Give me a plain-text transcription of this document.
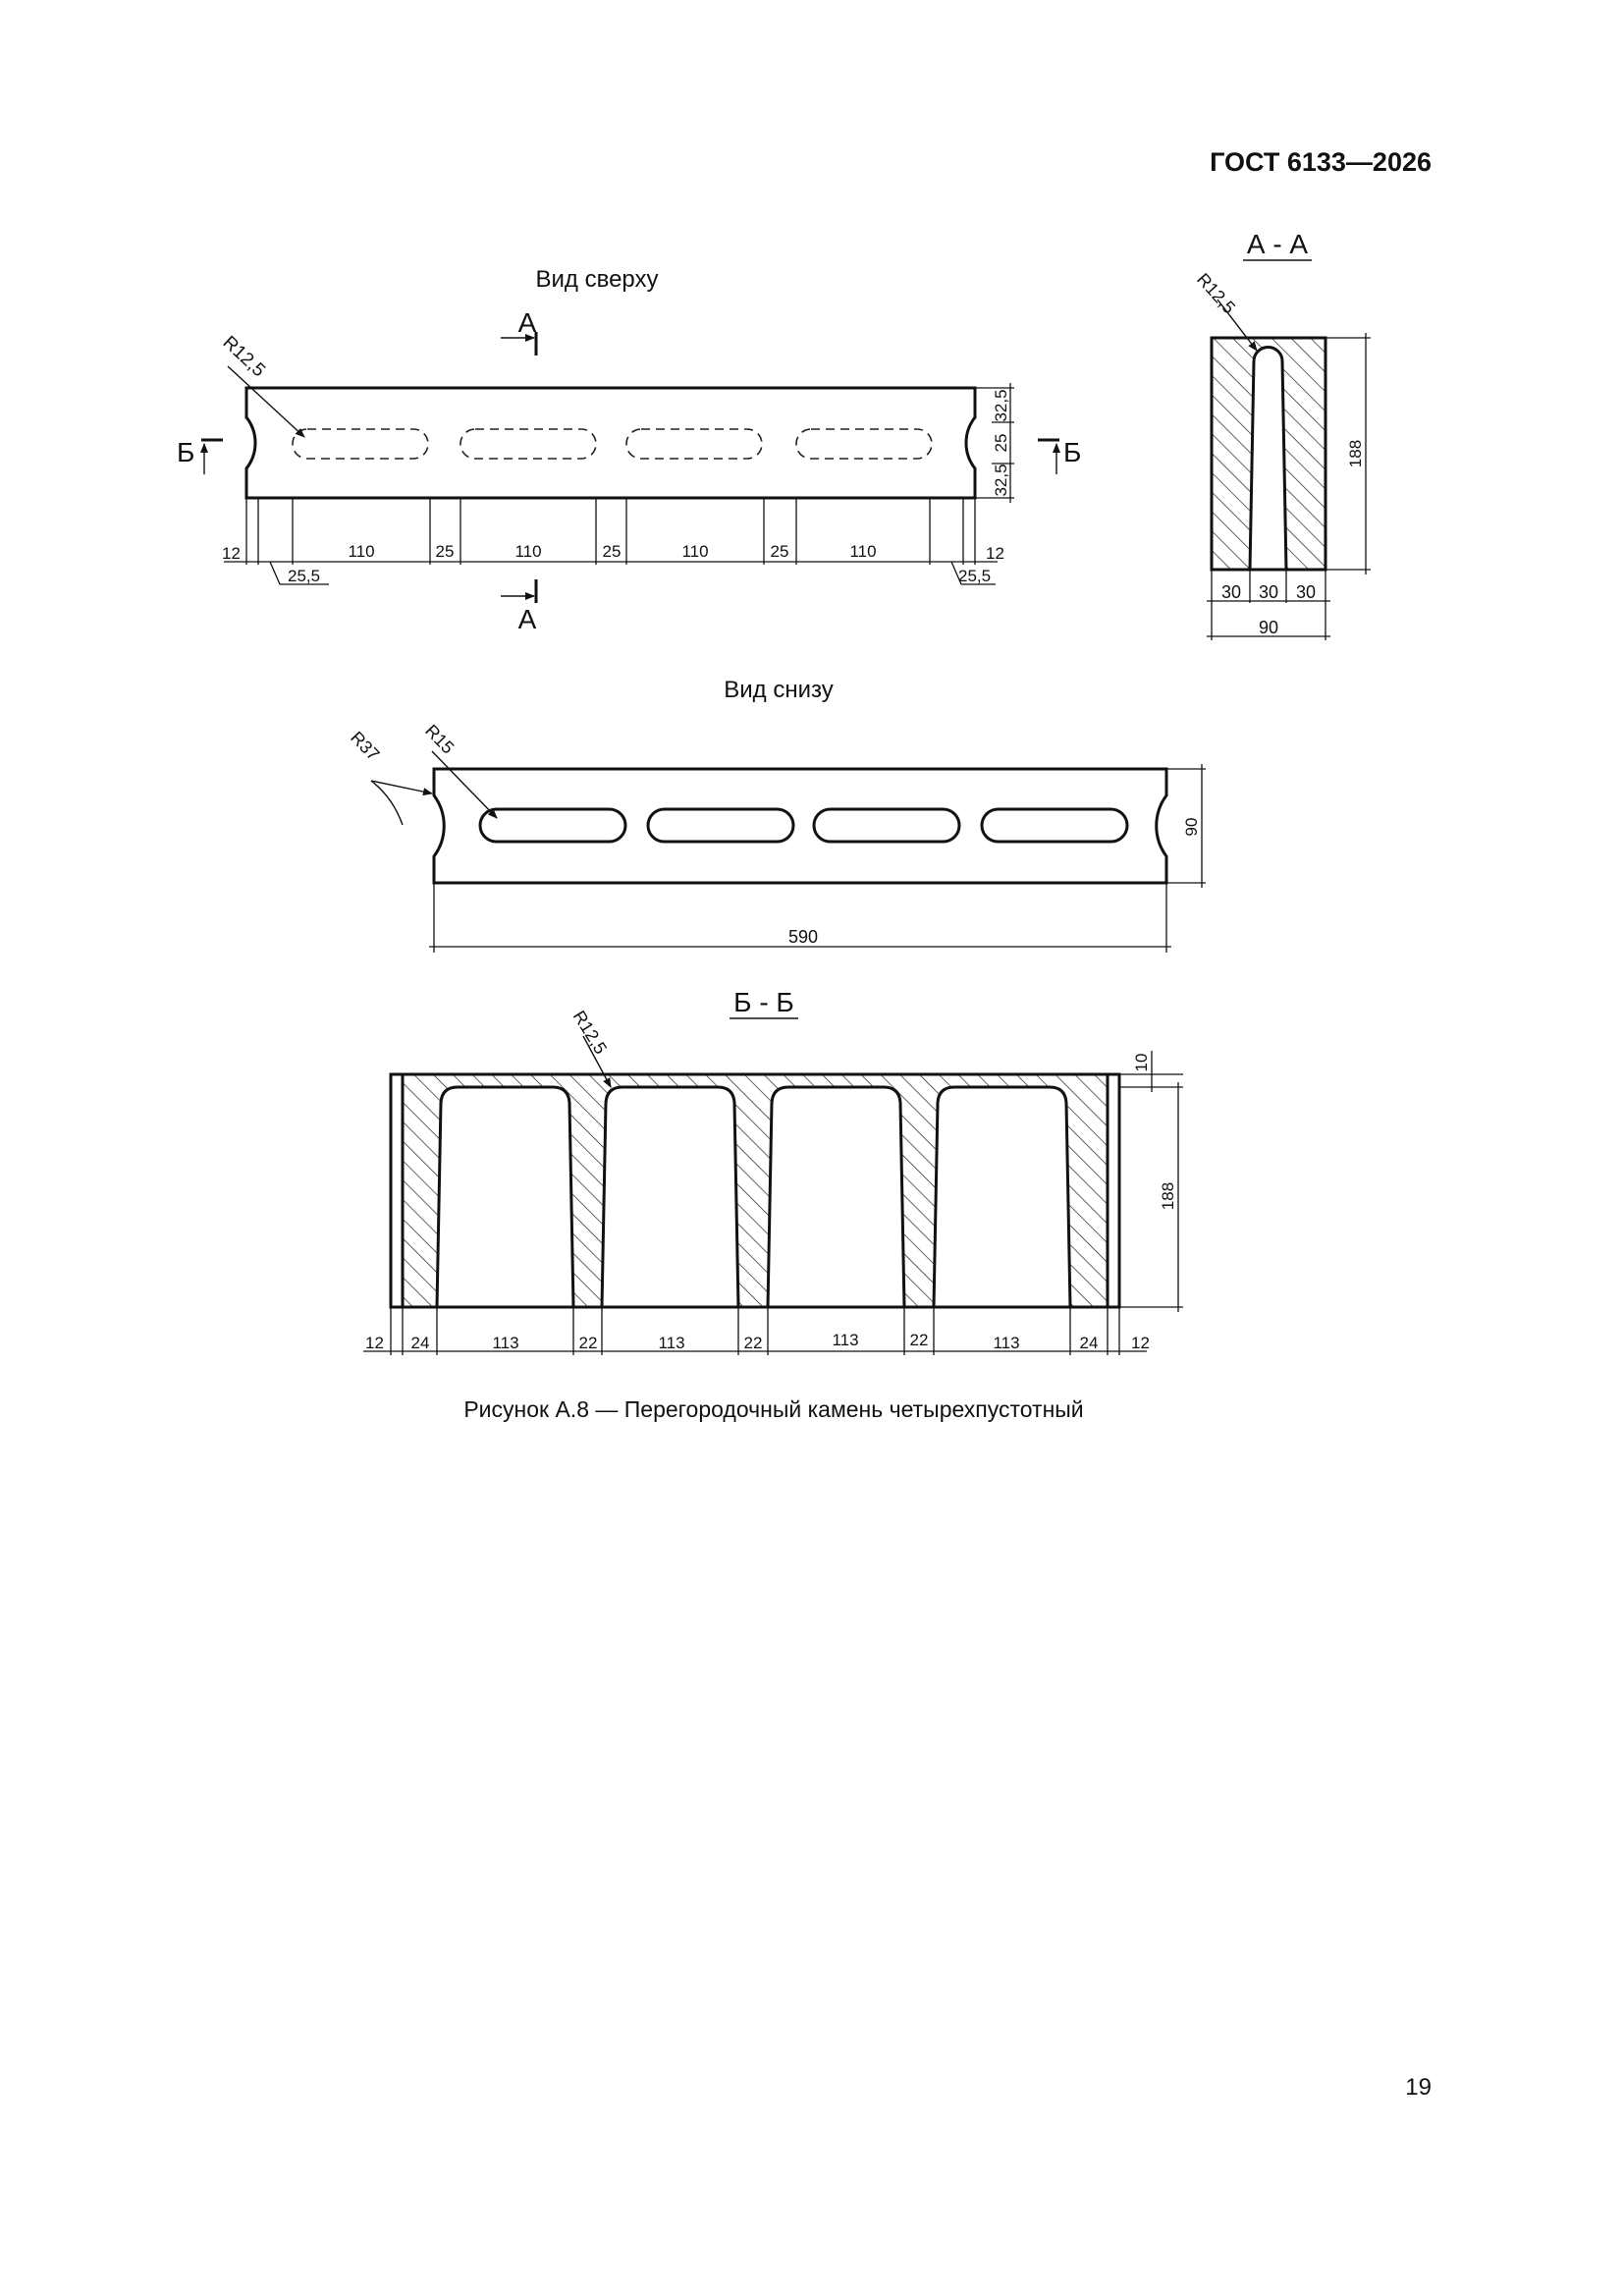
ГОСТ 6133—2026
Вид сверху
R12,5
А
А
Б	Б
12	110	25	110	25	110	25	110	12
25,5	25,5
32,5
25
32,5
А - А
R12,5
188
30 30 30
90
Вид снизу
R15
R37
90
590
Б - Б
R12,5
10
188
12 24	113	22	113	22	113	22	113	24 12
Рисунок А.8 — Перегородочный камень четырехпустотный
19
